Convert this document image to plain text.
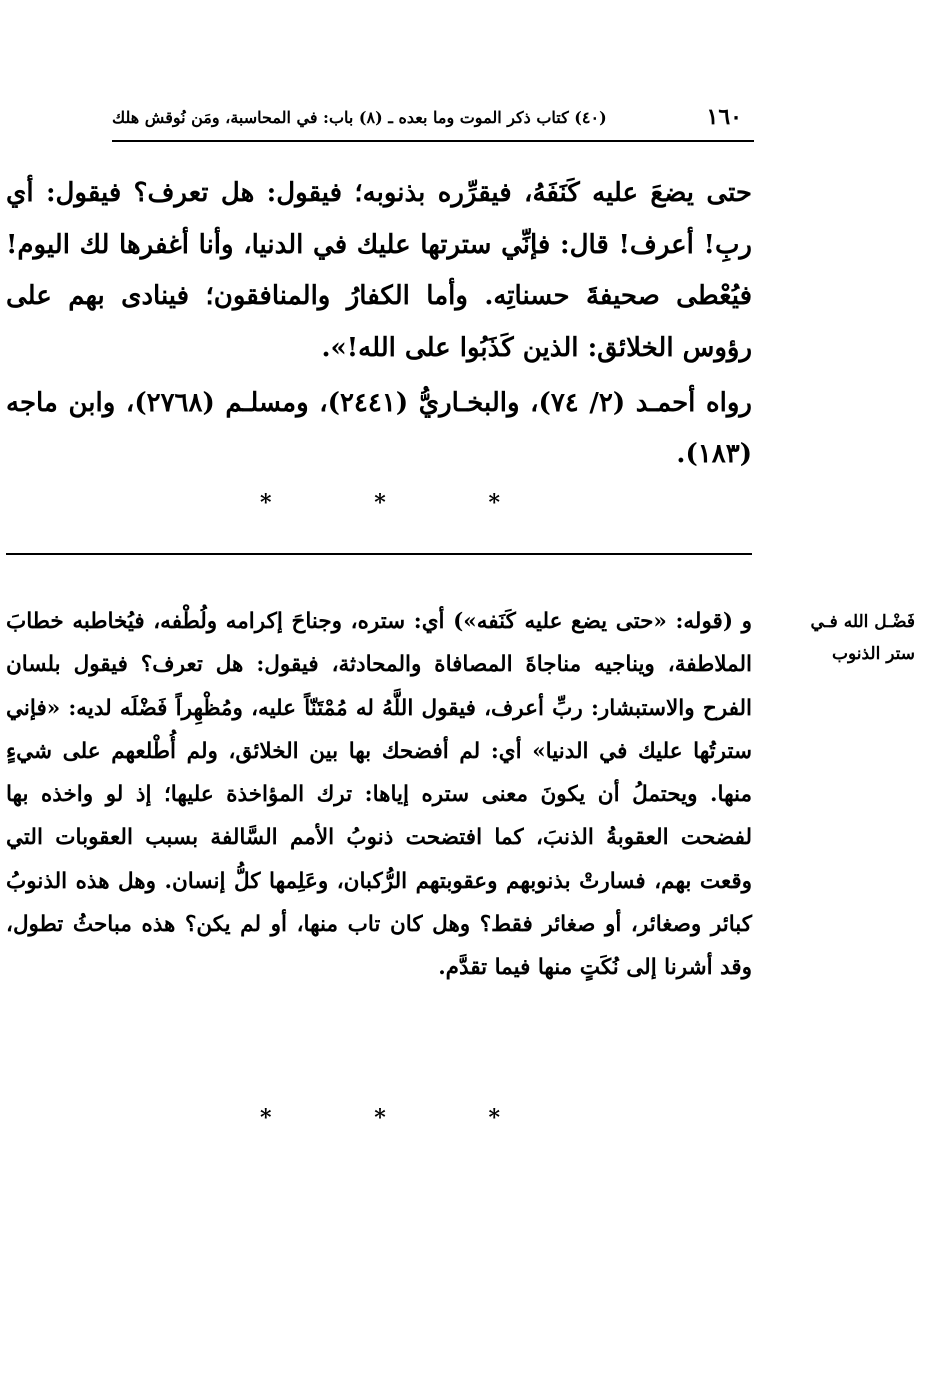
١٦٠
(٤٠) كتاب ذكر الموت وما بعده ـ (٨) باب: في المحاسبة، ومَن نُوقش هلك

حتى يضعَ عليه كَنَفَهُ، فيقرِّره بذنوبه؛ فيقول: هل تعرف؟ فيقول: أي ربِ! أعرف! قال: فإنِّي سترتها عليك في الدنيا، وأنا أغفرها لك اليوم! فيُعْطى صحيفةَ حسناتِه. وأما الكفارُ والمنافقون؛ فينادى بهم على رؤوس الخلائق: الذين كَذَبُوا على الله!».

رواه أحمـد (٢/ ٧٤)، والبخـاريُّ (٢٤٤١)، ومسلـم (٢٧٦٨)، وابن ماجه (١٨٣).

*	*	*
فَضْـل الله فـي
ستر الذنوب

و (قوله: «حتى يضع عليه كَنَفه») أي: ستره، وجناحَ إكرامه ولُطْفه، فيُخاطبه خطابَ الملاطفة، ويناجيه مناجاةَ المصافاة والمحادثة، فيقول: هل تعرف؟ فيقول بلسان الفرح والاستبشار: ربِّ أعرف، فيقول اللَّهُ له مُمْتَنّاً عليه، ومُظْهِراً فَضْلَه لديه: «فإني سترتُها عليك في الدنيا» أي: لم أفضحك بها بين الخلائق، ولم أُطْلعهم على شيءٍ منها. ويحتملُ أن يكونَ معنى ستره إياها: ترك المؤاخذة عليها؛ إذ لو واخذه بها لفضحت العقوبةُ الذنبَ، كما افتضحت ذنوبُ الأمم السَّالفة بسبب العقوبات التي وقعت بهم، فسارتْ بذنوبهم وعقوبتهم الرُّكبان، وعَلِمها كلُّ إنسان. وهل هذه الذنوبُ كبائر وصغائر، أو صغائر فقط؟ وهل كان تاب منها، أو لم يكن؟ هذه مباحثُ تطول، وقد أشرنا إلى نُكَتٍ منها فيما تقدَّم.

*	*	*
